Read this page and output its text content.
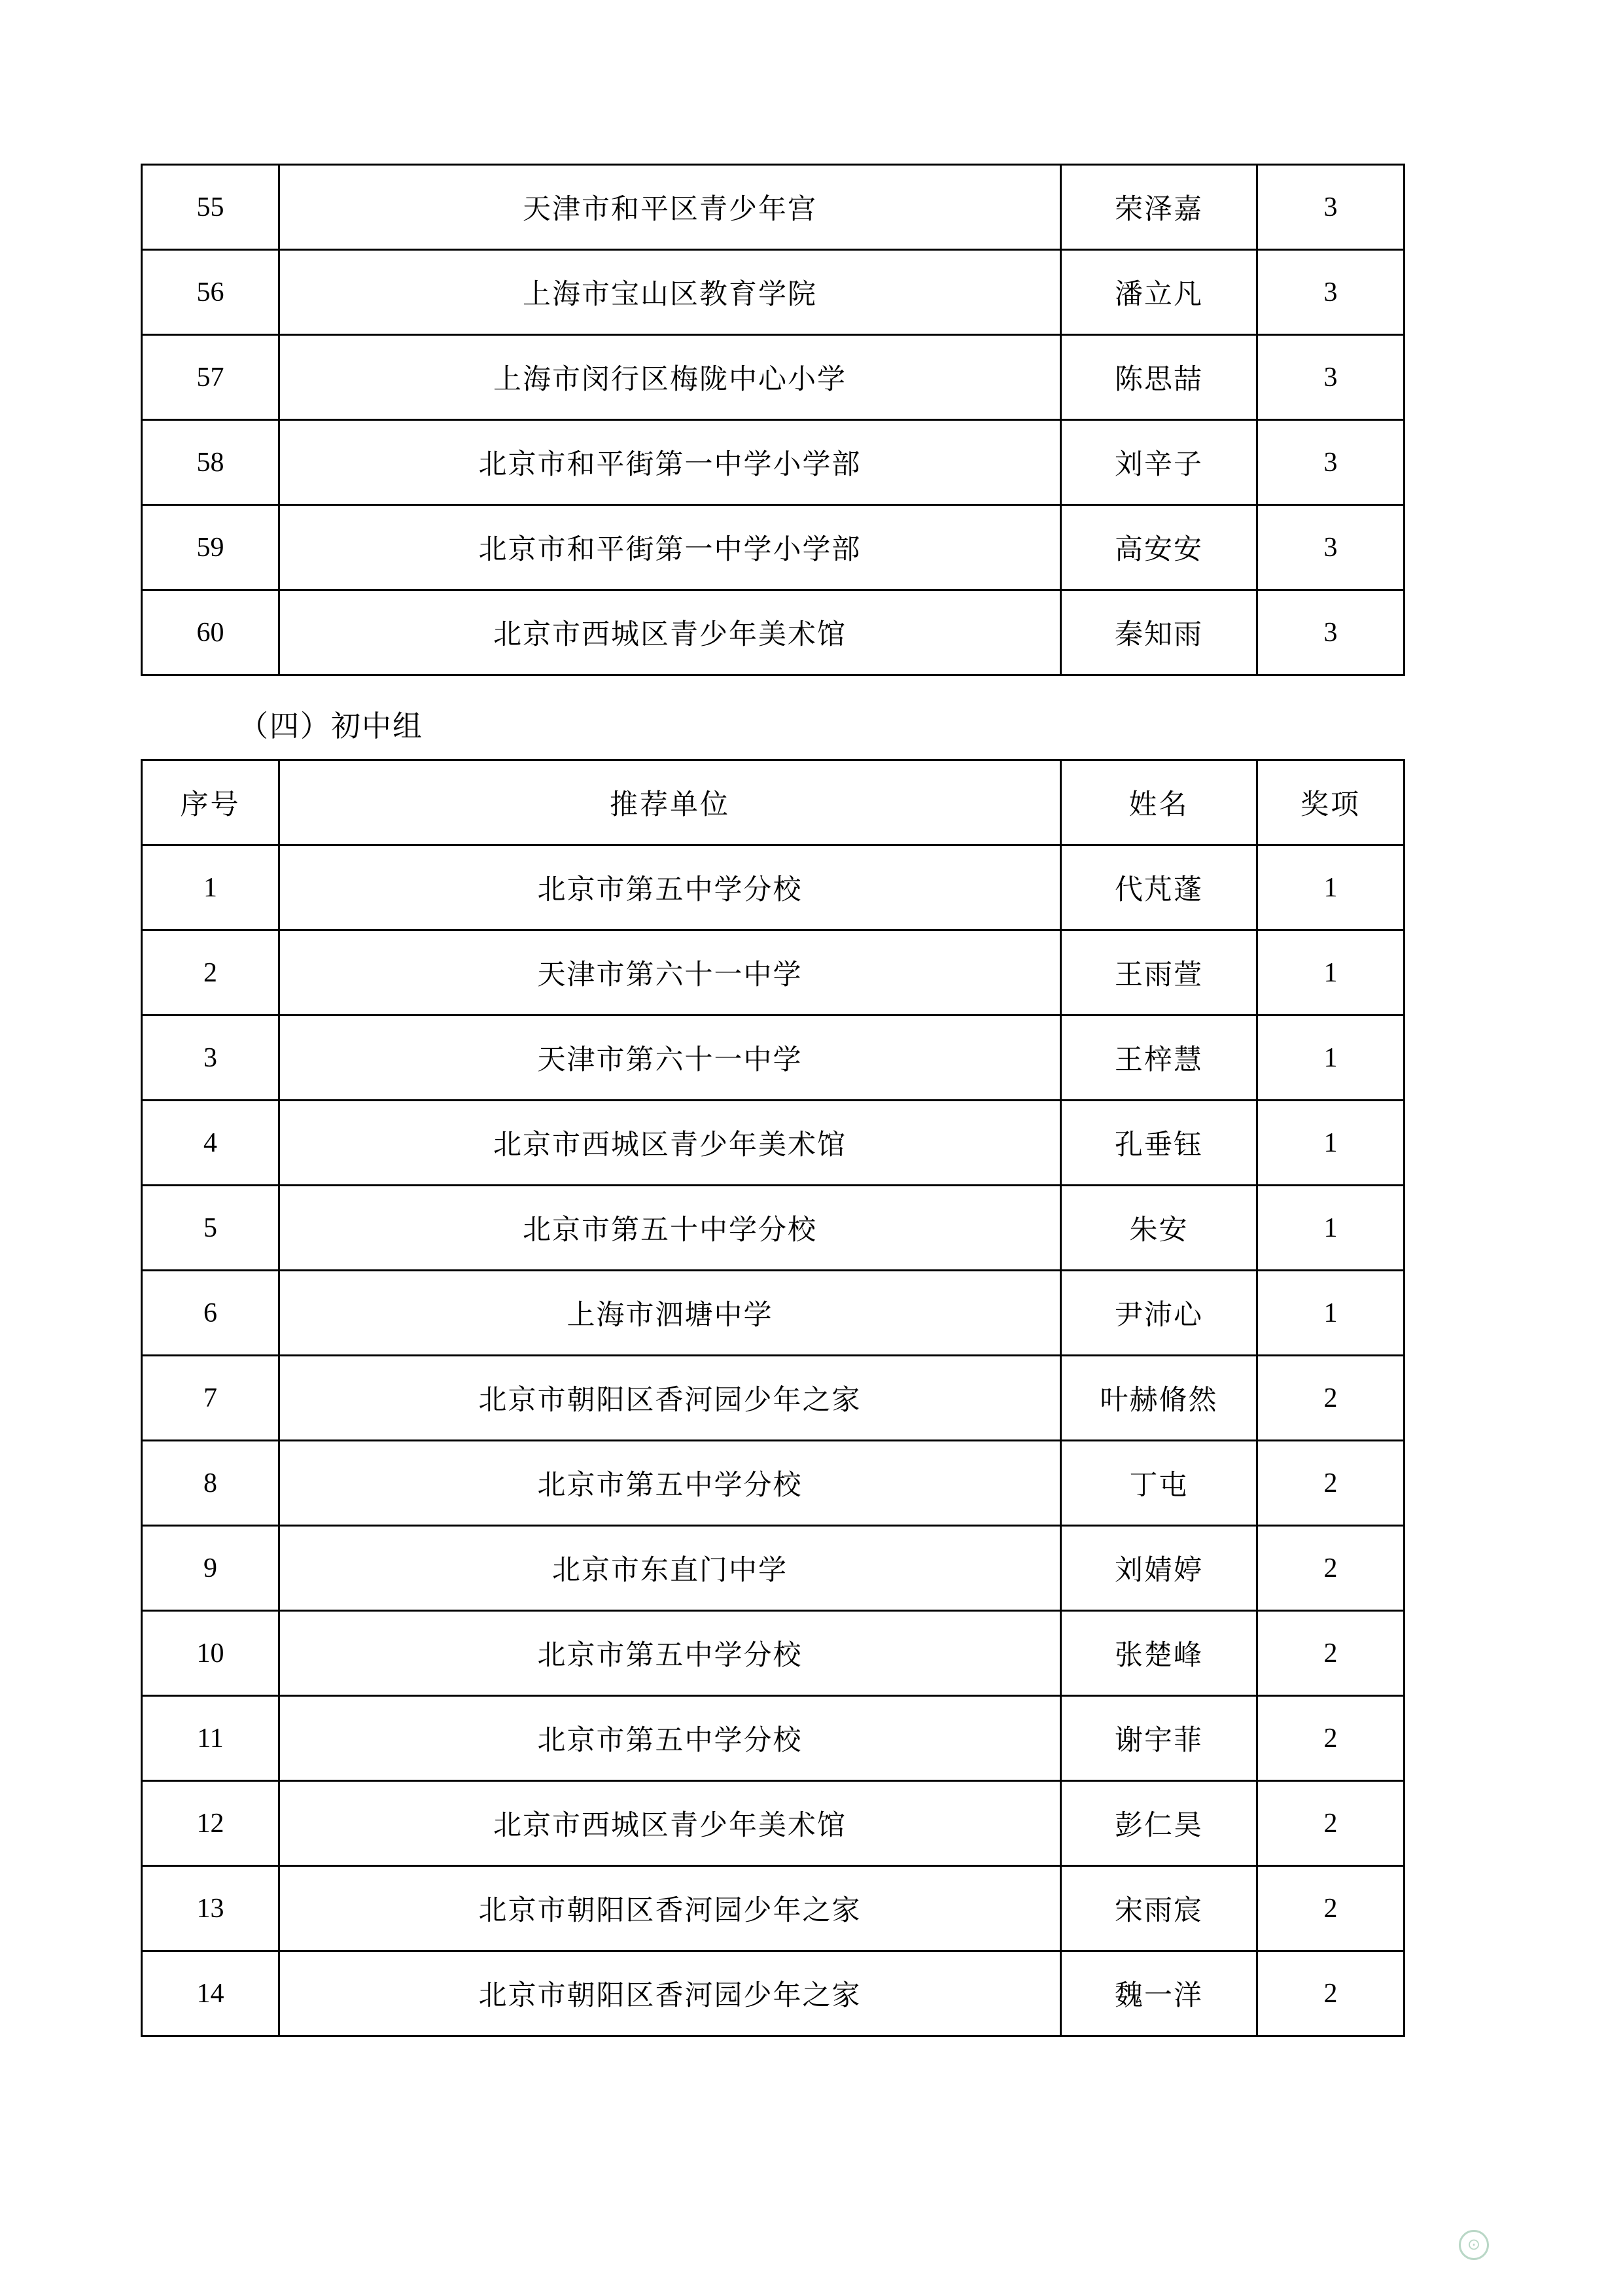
55	天津市和平区青少年宫	荣泽嘉	3
56	上海市宝山区教育学院	潘立凡	3
57	上海市闵行区梅陇中心小学	陈思喆	3
58	北京市和平街第一中学小学部	刘辛子	3
59	北京市和平街第一中学小学部	高安安	3
60	北京市西城区青少年美术馆	秦知雨	3
（四）初中组
序号	推荐单位	姓名	奖项
1	北京市第五中学分校	代芃蓬	1
2	天津市第六十一中学	王雨萱	1
3	天津市第六十一中学	王梓慧	1
4	北京市西城区青少年美术馆	孔垂钰	1
5	北京市第五十中学分校	朱安	1
6	上海市泗塘中学	尹沛心	1
7	北京市朝阳区香河园少年之家	叶赫脩然	2
8	北京市第五中学分校	丁屯	2
9	北京市东直门中学	刘婧婷	2
10	北京市第五中学分校	张楚峰	2
11	北京市第五中学分校	谢宇菲	2
12	北京市西城区青少年美术馆	彭仁昊	2
13	北京市朝阳区香河园少年之家	宋雨宸	2
14	北京市朝阳区香河园少年之家	魏一洋	2
⊙
